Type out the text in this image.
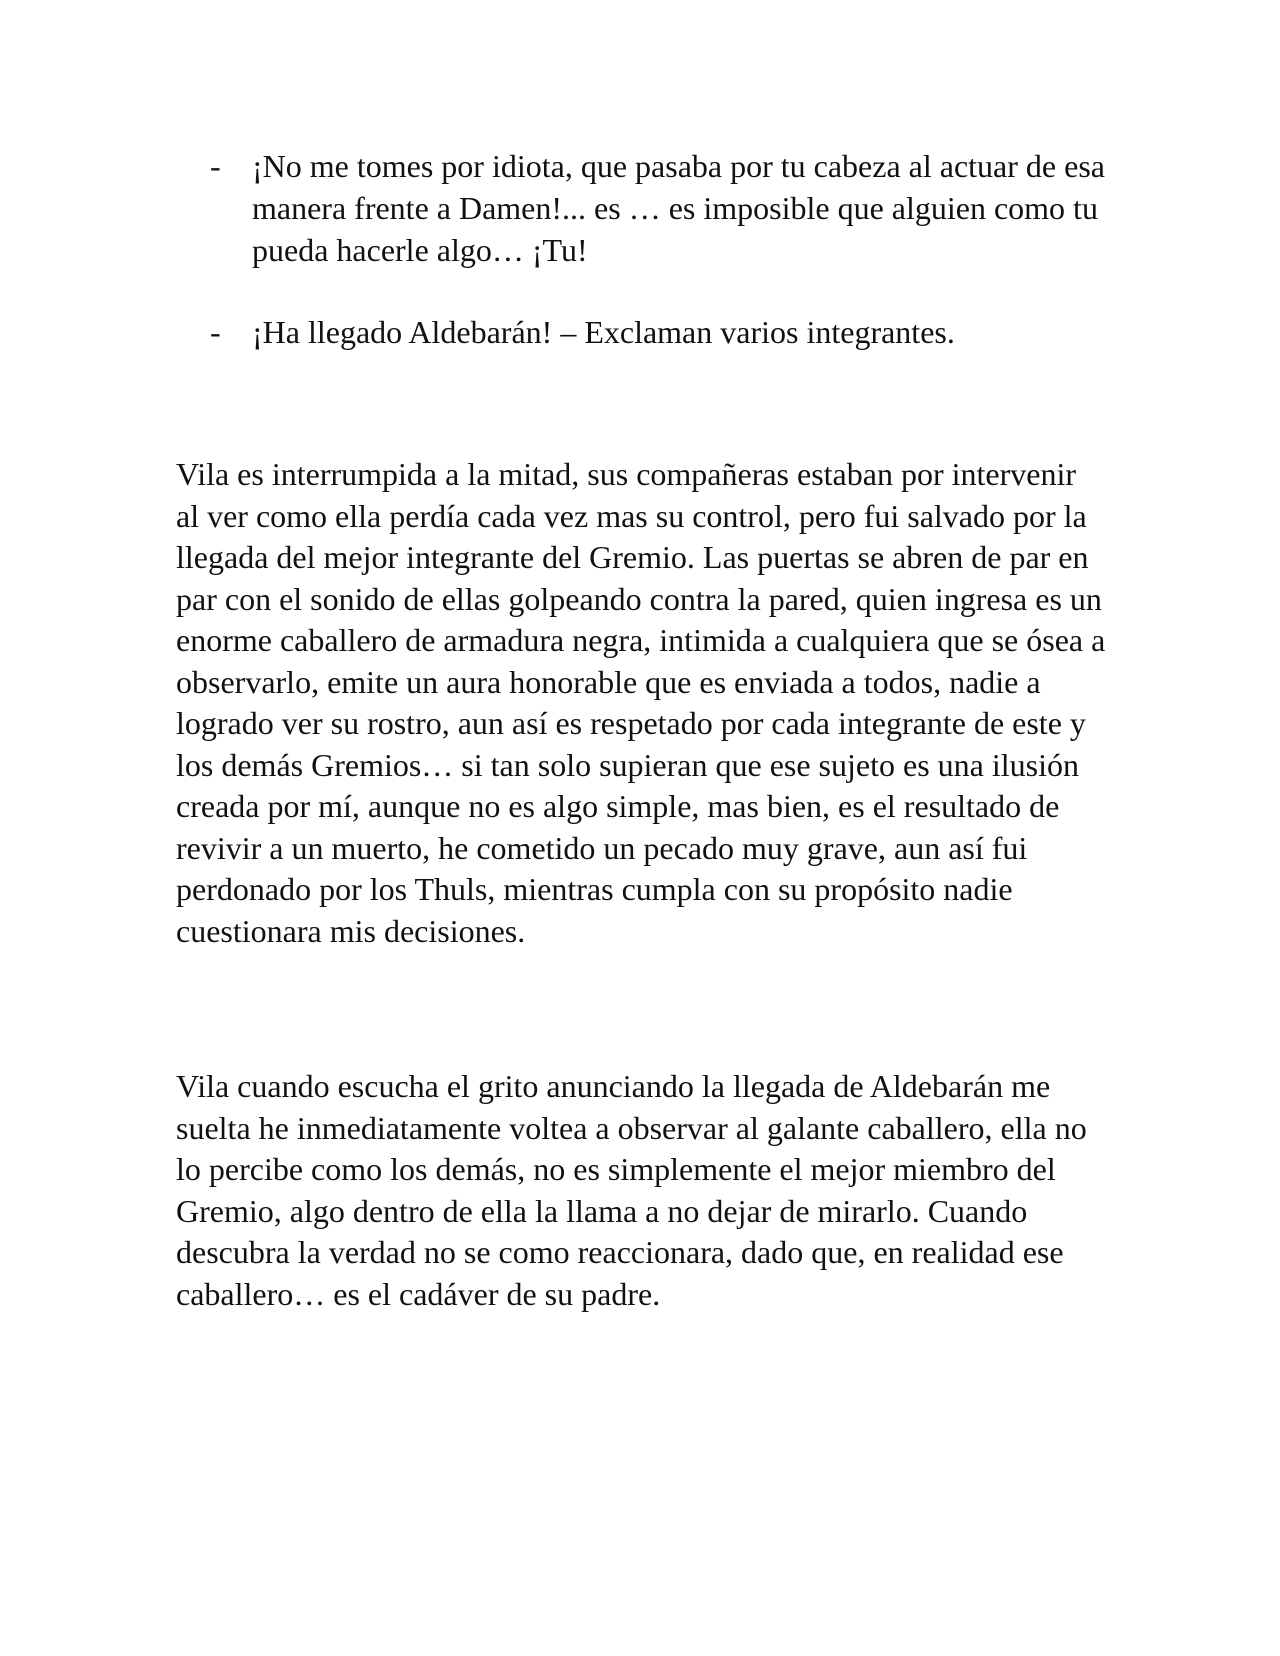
- ¡No me tomes por idiota, que pasaba por tu cabeza al actuar de esa manera frente a Damen!... es … es imposible que alguien como tu pueda hacerle algo… ¡Tu!
- ¡Ha llegado Aldebarán! – Exclaman varios integrantes.

Vila es interrumpida a la mitad, sus compañeras estaban por intervenir al ver como ella perdía cada vez mas su control, pero fui salvado por la llegada del mejor integrante del Gremio. Las puertas se abren de par en par con el sonido de ellas golpeando contra la pared, quien ingresa es un enorme caballero de armadura negra, intimida a cualquiera que se ósea a observarlo, emite un aura honorable que es enviada a todos, nadie a logrado ver su rostro, aun así es respetado por cada integrante de este y los demás Gremios… si tan solo supieran que ese sujeto es una ilusión creada por mí, aunque no es algo simple, mas bien, es el resultado de revivir a un muerto, he cometido un pecado muy grave, aun así fui perdonado por los Thuls, mientras cumpla con su propósito nadie cuestionara mis decisiones.

Vila cuando escucha el grito anunciando la llegada de Aldebarán me suelta he inmediatamente voltea a observar al galante caballero, ella no lo percibe como los demás, no es simplemente el mejor miembro del Gremio, algo dentro de ella la llama a no dejar de mirarlo. Cuando descubra la verdad no se como reaccionara, dado que, en realidad ese caballero… es el cadáver de su padre.
